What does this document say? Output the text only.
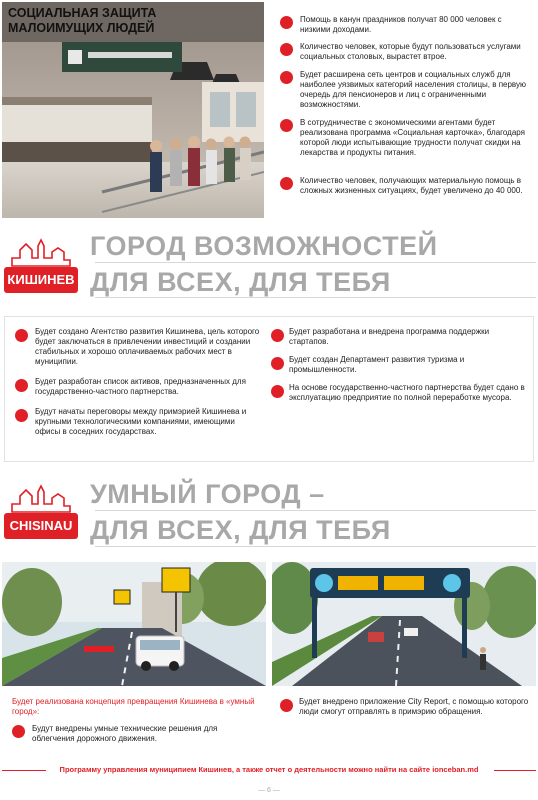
СОЦИАЛЬНАЯ ЗАЩИТА МАЛОИМУЩИХ ЛЮДЕЙ
Помощь в канун праздников получат 80 000 человек с низкими доходами.
Количество человек, которые будут пользоваться услугами социальных столовых, вырастет втрое.
Будет расширена сеть центров и социальных служб для наиболее уязвимых категорий населения столицы, в первую очередь для пенсионеров и лиц с ограниченными возможностями.
В сотрудничестве с экономическими агентами будет реализована программа «Социальная карточка», благодаря которой люди испытывающие трудности получат скидки на лекарства и продукты питания.
Количество человек, получающих материальную помощь в сложных жизненных ситуациях, будет увеличено до 40 000.
КИШИНЕВ
ГОРОД ВОЗМОЖНОСТЕЙ
ДЛЯ ВСЕХ, ДЛЯ ТЕБЯ
Будет создано Агентство развития Кишинева, цель которого будет заключаться в привлечении инвестиций и создании стабильных и хорошо оплачиваемых рабочих мест в муниципии.
Будет разработан список активов, предназначенных для государственно-частного партнерства.
Будут начаты переговоры между примэрией Кишинева и крупными технологическими компаниями, имеющими офисы в соседних государствах.
Будет разработана и внедрена программа поддержки стартапов.
Будет создан Департамент развития туризма и промышленности.
На основе государственно-частного партнерства будет сдано в эксплуатацию предприятие по полной переработке мусора.
CHISINAU
УМНЫЙ ГОРОД –
ДЛЯ ВСЕХ, ДЛЯ ТЕБЯ
Будет реализована концепция превращения Кишинева в «умный город»:
Будут внедрены умные технические решения для облегчения дорожного движения.
Будет внедрено приложение City Report, с помощью которого люди смогут отправлять в примэрию обращения.
Программу управления муниципием Кишинев, а также отчет о деятельности можно найти на сайте ionceban.md
— 6 —
